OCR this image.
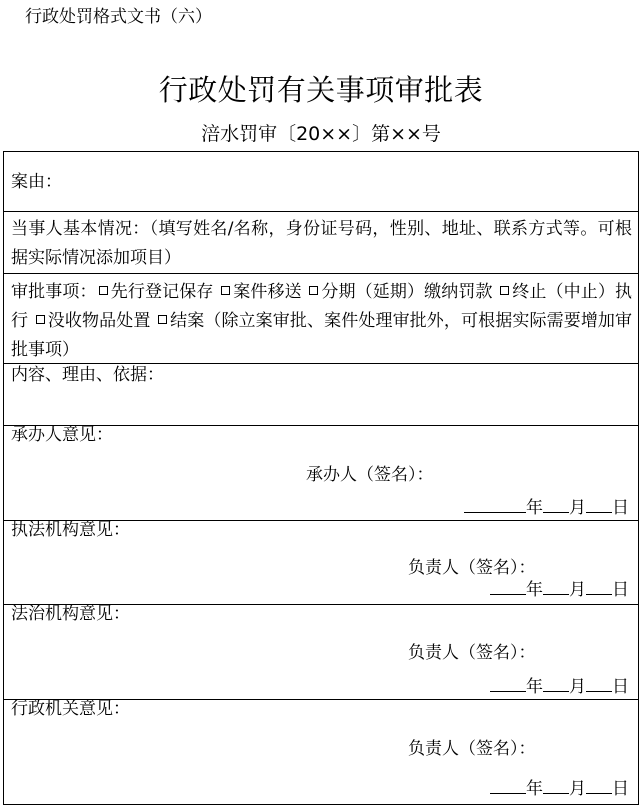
行政处罚格式文书（六）
行政处罚有关事项审批表
涪水罚审〔20××〕第××号
案由：
当事人基本情况：（填写姓名/名称，身份证号码，性别、地址、联系方式等。可根据实际情况添加项目）
审批事项： 先行登记保存 案件移送 分期（延期）缴纳罚款 终止（中止）执行 没收物品处置 结案（除立案审批、案件处理审批外，可根据实际需要增加审批事项）
内容、理由、依据：
承办人意见：
承办人（签名）：
年 月 日
执法机构意见：
负责人（签名）：
年 月 日
法治机构意见：
负责人（签名）：
年 月 日
行政机关意见：
负责人（签名）：
年 月 日
